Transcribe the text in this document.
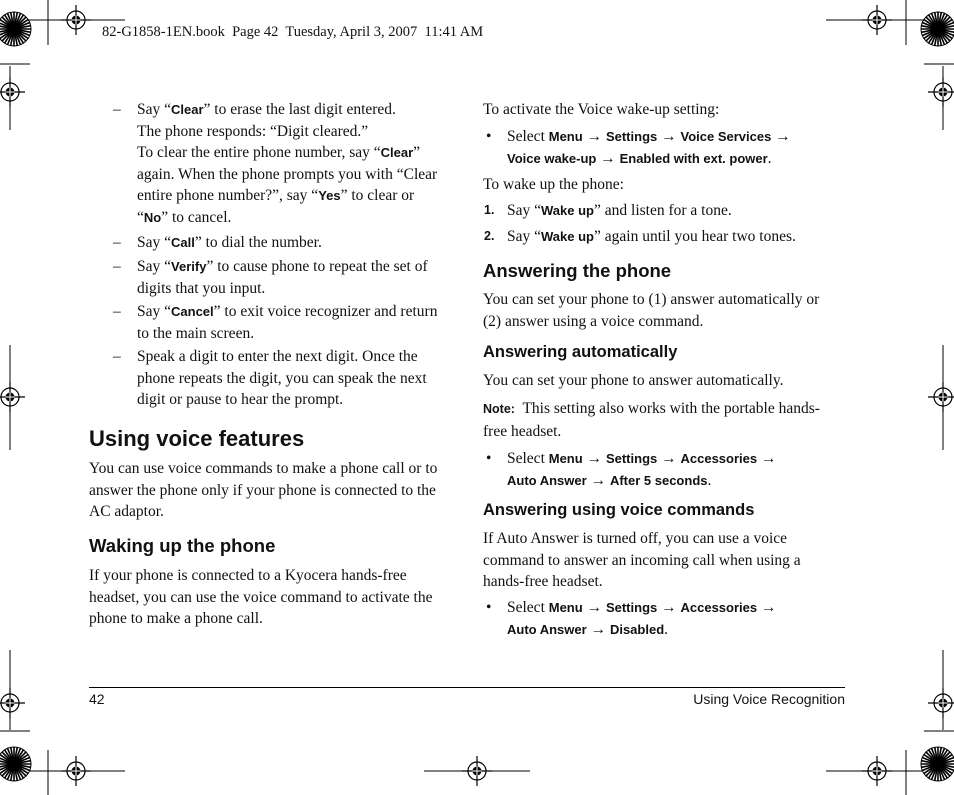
82-G1858-1EN.book  Page 42  Tuesday, April 3, 2007  11:41 AM
– Say “Clear” to erase the last digit entered.
The phone responds: “Digit cleared.”
To clear the entire phone number, say “Clear”
again. When the phone prompts you with “Clear
entire phone number?”, say “Yes” to clear or
“No” to cancel.
– Say “Call” to dial the number.
– Say “Verify” to cause phone to repeat the set of
digits that you input.
– Say “Cancel” to exit voice recognizer and return
to the main screen.
– Speak a digit to enter the next digit. Once the
phone repeats the digit, you can speak the next
digit or pause to hear the prompt.
Using voice features
You can use voice commands to make a phone call or to
answer the phone only if your phone is connected to the
AC adaptor.
Waking up the phone
If your phone is connected to a Kyocera hands-free
headset, you can use the voice command to activate the
phone to make a phone call.
To activate the Voice wake-up setting:
• Select Menu → Settings → Voice Services →
Voice wake-up → Enabled with ext. power.
To wake up the phone:
1. Say “Wake up” and listen for a tone.
2. Say “Wake up” again until you hear two tones.
Answering the phone
You can set your phone to (1) answer automatically or
(2) answer using a voice command.
Answering automatically
You can set your phone to answer automatically.
Note: This setting also works with the portable hands-
free headset.
• Select Menu → Settings → Accessories →
Auto Answer → After 5 seconds.
Answering using voice commands
If Auto Answer is turned off, you can use a voice
command to answer an incoming call when using a
hands-free headset.
• Select Menu → Settings → Accessories →
Auto Answer → Disabled.
42	Using Voice Recognition
